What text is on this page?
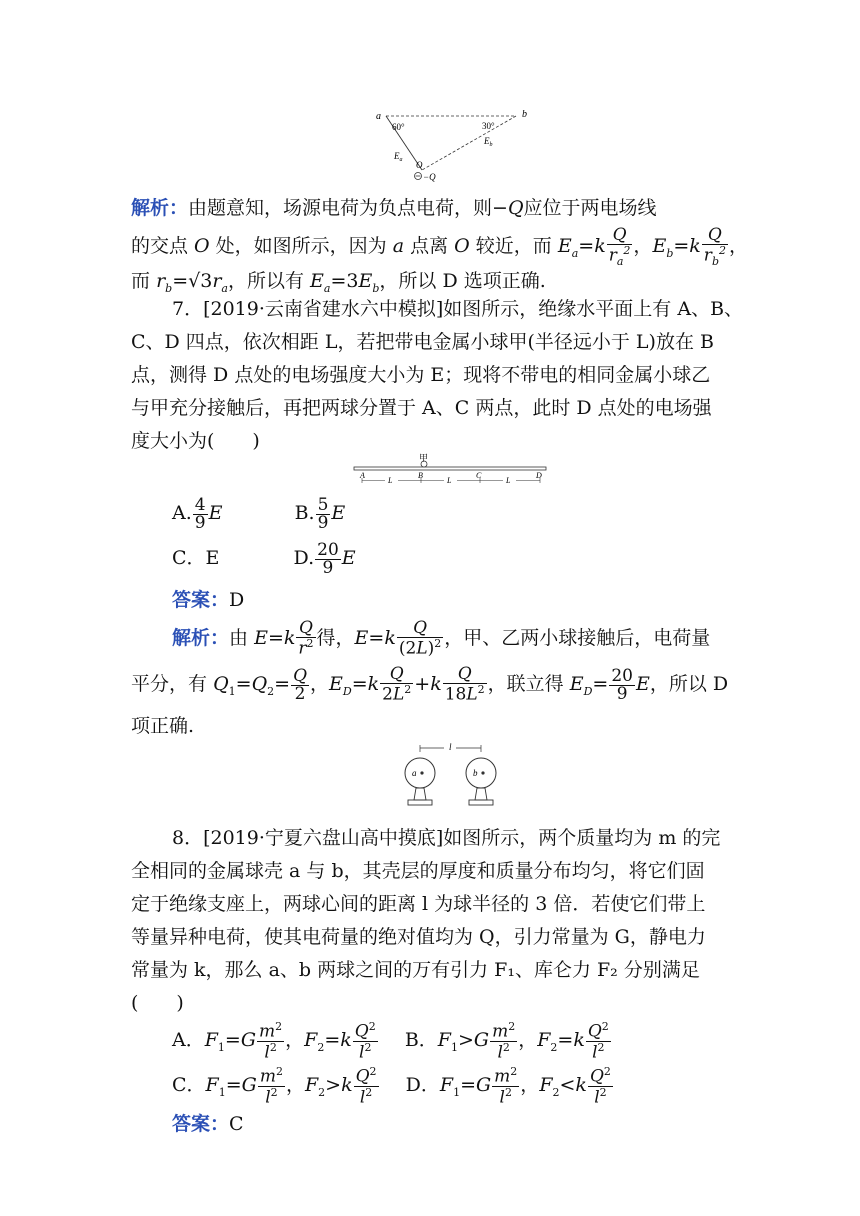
a	b
60°	30°
$E_a$
$E_b$
O
−Q
解析：由题意知，场源电荷为负点电荷，则−Q应位于两电场线
的交点 O 处，如图所示，因为 a 点离 O 较近，而 $E_a=k \frac{Q}{r_a^2}$ ，$E_b=k \frac{Q}{r_b^2}$ ，
而 $r_b=√3r_a$，所以有 $E_a=3E_b$，所以 D 选项正确.
7．[2019·云南省建水六中模拟]如图所示，绝缘水平面上有 A、B、
C、D 四点，依次相距 L，若把带电金属小球甲(半径远小于 L)放在 B
点，测得 D 点处的电场强度大小为 E；现将不带电的相同金属小球乙
与甲充分接触后，再把两球分置于 A、C 两点，此时 D 点处的电场强
度大小为(　　)
甲
A	B	C	D
L	L	L
A. $\frac{4}{9}$ E	B. $\frac{5}{9}$ E
C．E	D. $\frac{20}{9}$ E
答案：D
解析：由 $E=k \frac{Q}{r^2}$ 得，$E=k \frac{Q}{(2L)^2}$ ，甲、乙两小球接触后，电荷量
平分，有 $Q_1=Q_2= \frac{Q}{2}$ ，$E_D=k \frac{Q}{2L^2} +k \frac{Q}{18L^2}$ ，联立得 $E_D= \frac{20}{9}$ E，所以 D
项正确.
l
a	b
8．[2019·宁夏六盘山高中摸底]如图所示，两个质量均为 m 的完
全相同的金属球壳 a 与 b，其壳层的厚度和质量分布均匀，将它们固
定于绝缘支座上，两球心间的距离 l 为球半径的 3 倍．若使它们带上
等量异种电荷，使其电荷量的绝对值均为 Q，引力常量为 G，静电力
常量为 k，那么 a、b 两球之间的万有引力 F₁、库仑力 F₂ 分别满足
(　　)
A．$F_1=G \frac{m^2}{l^2}$ ，$F_2=k \frac{Q^2}{l^2}$ B．$F_1>G \frac{m^2}{l^2}$ ，$F_2=k \frac{Q^2}{l^2}$
C．$F_1=G \frac{m^2}{l^2}$ ，$F_2>k \frac{Q^2}{l^2}$ D．$F_1=G \frac{m^2}{l^2}$ ，$F_2<k \frac{Q^2}{l^2}$
答案：C
